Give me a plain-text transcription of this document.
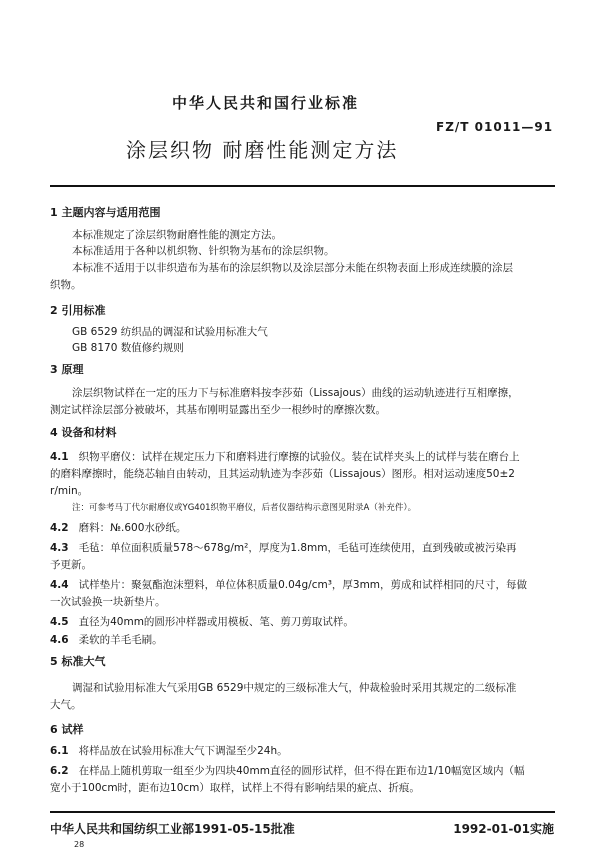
中华人民共和国行业标准
FZ/T 01011—91
涂层织物 耐磨性能测定方法
1 主题内容与适用范围
本标准规定了涂层织物耐磨性能的测定方法。
本标准适用于各种以机织物、针织物为基布的涂层织物。
本标准不适用于以非织造布为基布的涂层织物以及涂层部分未能在织物表面上形成连续膜的涂层
织物。
2 引用标准
GB 6529 纺织品的调湿和试验用标准大气
GB 8170 数值修约规则
3 原理
涂层织物试样在一定的压力下与标准磨料按李莎茹（Lissajous）曲线的运动轨迹进行互相摩擦，
测定试样涂层部分被破坏，其基布刚明显露出至少一根纱时的摩擦次数。
4 设备和材料
4.1 织物平磨仪：试样在规定压力下和磨料进行摩擦的试验仪。装在试样夹头上的试样与装在磨台上
的磨料摩擦时，能绕芯轴自由转动，且其运动轨迹为李莎茹（Lissajous）图形。相对运动速度50±2
r/min。
注：可参考马丁代尔耐磨仪或YG401织物平磨仪，后者仪器结构示意图见附录A（补充件）。
4.2 磨料：№.600水砂纸。
4.3 毛毡：单位面积质量578～678g/m²，厚度为1.8mm，毛毡可连续使用，直到残破或被污染再
予更新。
4.4 试样垫片：聚氨酯泡沫塑料，单位体积质量0.04g/cm³，厚3mm，剪成和试样相同的尺寸，每做
一次试验换一块新垫片。
4.5 直径为40mm的圆形冲样器或用模板、笔、剪刀剪取试样。
4.6 柔软的羊毛毛刷。
5 标准大气
调湿和试验用标准大气采用GB 6529中规定的三级标准大气，仲裁检验时采用其规定的二级标准
大气。
6 试样
6.1 将样品放在试验用标准大气下调湿至少24h。
6.2 在样品上随机剪取一组至少为四块40mm直径的圆形试样，但不得在距布边1/10幅宽区域内（幅
宽小于100cm时，距布边10cm）取样，试样上不得有影响结果的疵点、折痕。
中华人民共和国纺织工业部1991-05-15批准	1992-01-01实施
28
